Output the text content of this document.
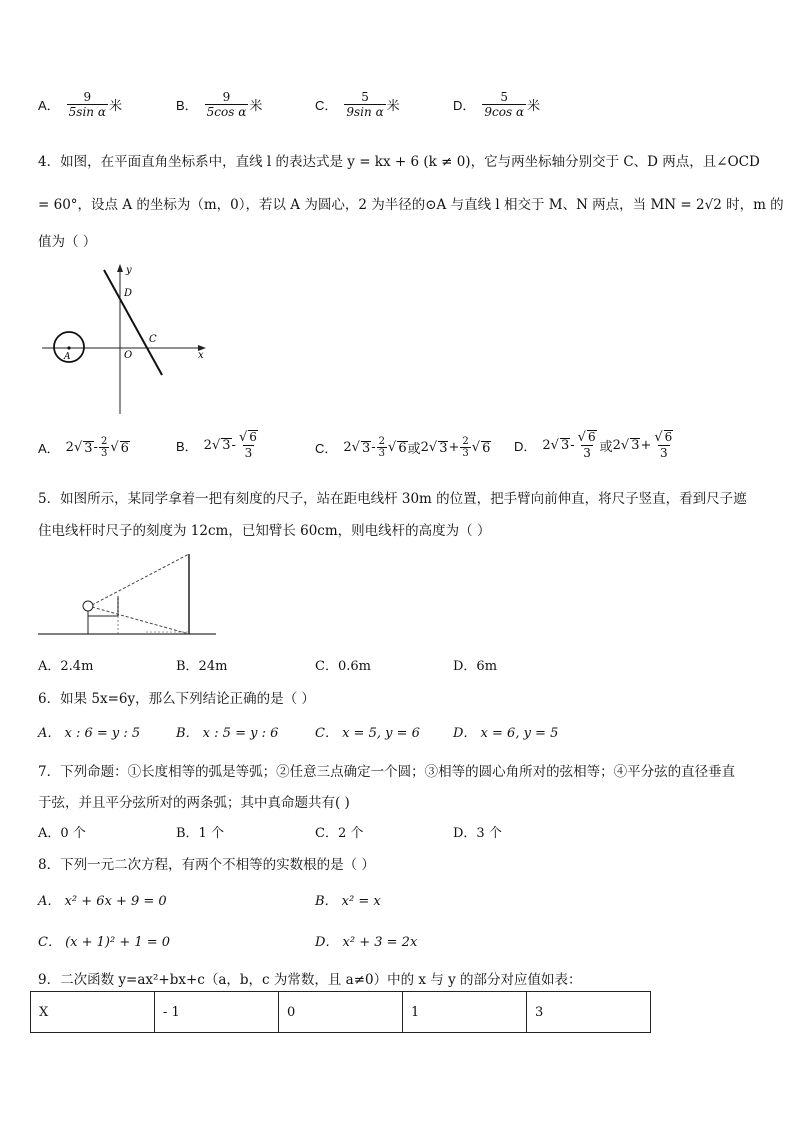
A． $\frac{9}{\text{5sin α}}$ 米	B． $\frac{9}{\text{5cos α}}$ 米	C． $\frac{5}{\text{9sin α}}$ 米	D． $\frac{5}{\text{9cos α}}$ 米
4．如图，在平面直角坐标系中，直线 l 的表达式是 y = kx + 6 (k ≠ 0)，它与两坐标轴分别交于 C、D 两点，且∠OCD
= 60°，设点 A 的坐标为（m，0），若以 A 为圆心，2 为半径的⊙A 与直线 l 相交于 M、N 两点，当 MN = 2√2 时，m 的
值为（ ）
y
D
C
O	x
A
A． 2 √ $3 - \frac{2}{3}$ √ 6	B． 2 √ $3 - \frac{√ 6}{3}$	C． 2 √ $3 - \frac{2}{3}$ √ 6 或 2 √ $3 + \frac{2}{3}$ √ 6 D． 2 √ $3 - \frac{√ 6}{3}$ 或 2 √ $3 + \frac{√ 6}{3}$
5．如图所示，某同学拿着一把有刻度的尺子，站在距电线杆 30m 的位置，把手臂向前伸直，将尺子竖直，看到尺子遮
住电线杆时尺子的刻度为 12cm，已知臂长 60cm，则电线杆的高度为（ ）
A．2.4m	B．24m	C．0.6m	D．6m
6．如果 5x=6y，那么下列结论正确的是（ ）
A． x : 6 = y : 5	B． x : 5 = y : 6	C． x = 5, y = 6	D． x = 6, y = 5
7．下列命题：①长度相等的弧是等弧；②任意三点确定一个圆；③相等的圆心角所对的弦相等；④平分弦的直径垂直
于弦，并且平分弦所对的两条弧；其中真命题共有( )
A．0 个	B．1 个	C．2 个	D．3 个
8．下列一元二次方程，有两个不相等的实数根的是（ ）
A． x² + 6x + 9 = 0	B． x² = x
C． (x + 1)² + 1 = 0	D． x² + 3 = 2x
9．二次函数 y=ax²+bx+c（a，b，c 为常数，且 a≠0）中的 x 与 y 的部分对应值如表：
X	- 1	0	1	3
